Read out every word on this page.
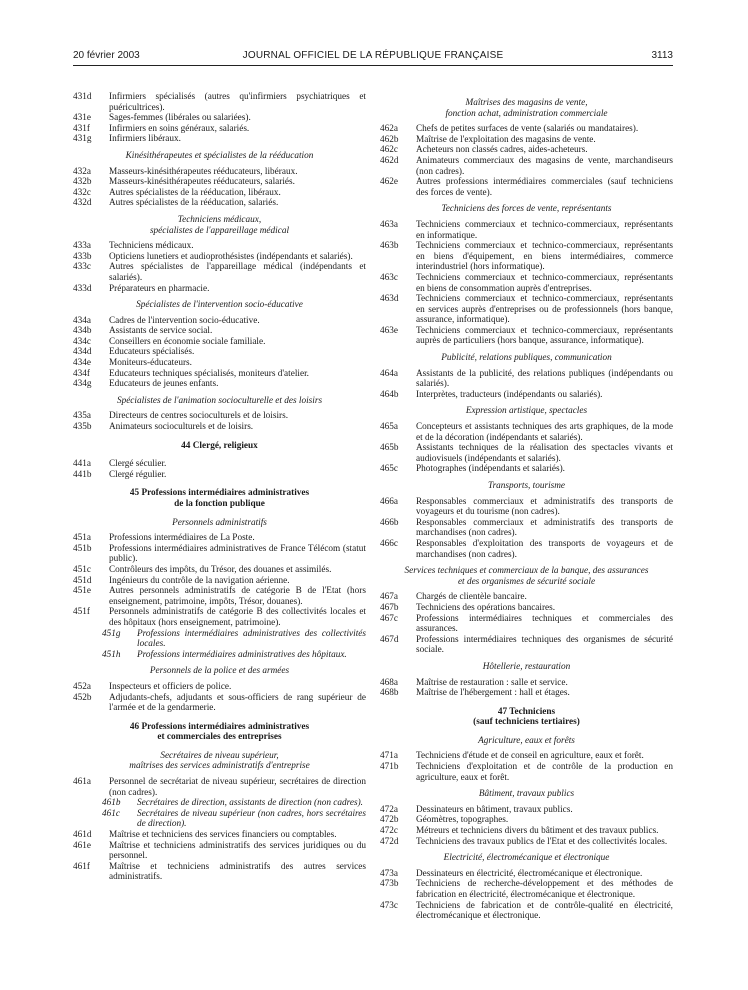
20 février 2003	JOURNAL OFFICIEL DE LA RÉPUBLIQUE FRANÇAISE	3113
431d Infirmiers spécialisés (autres qu'infirmiers psychiatriques et puéricultrices).
431e Sages-femmes (libérales ou salariées).
431f Infirmiers en soins généraux, salariés.
431g Infirmiers libéraux.
Kinésithérapeutes et spécialistes de la rééducation
432a Masseurs-kinésithérapeutes rééducateurs, libéraux.
432b Masseurs-kinésithérapeutes rééducateurs, salariés.
432c Autres spécialistes de la rééducation, libéraux.
432d Autres spécialistes de la rééducation, salariés.
Techniciens médicaux,
spécialistes de l'appareillage médical
433a Techniciens médicaux.
433b Opticiens lunetiers et audioprothésistes (indépendants et salariés).
433c Autres spécialistes de l'appareillage médical (indépendants et salariés).
433d Préparateurs en pharmacie.
Spécialistes de l'intervention socio-éducative
434a Cadres de l'intervention socio-éducative.
434b Assistants de service social.
434c Conseillers en économie sociale familiale.
434d Educateurs spécialisés.
434e Moniteurs-éducateurs.
434f Educateurs techniques spécialisés, moniteurs d'atelier.
434g Educateurs de jeunes enfants.
Spécialistes de l'animation socioculturelle et des loisirs
435a Directeurs de centres socioculturels et de loisirs.
435b Animateurs socioculturels et de loisirs.
44 Clergé, religieux
441a Clergé séculier.
441b Clergé régulier.
45 Professions intermédiaires administratives
de la fonction publique
Personnels administratifs
451a Professions intermédiaires de La Poste.
451b Professions intermédiaires administratives de France Télécom (statut public).
451c Contrôleurs des impôts, du Trésor, des douanes et assimilés.
451d Ingénieurs du contrôle de la navigation aérienne.
451e Autres personnels administratifs de catégorie B de l'Etat (hors enseignement, patrimoine, impôts, Trésor, douanes).
451f Personnels administratifs de catégorie B des collectivités locales et des hôpitaux (hors enseignement, patrimoine).
451g Professions intermédiaires administratives des collectivités locales.
451h Professions intermédiaires administratives des hôpitaux.
Personnels de la police et des armées
452a Inspecteurs et officiers de police.
452b Adjudants-chefs, adjudants et sous-officiers de rang supérieur de l'armée et de la gendarmerie.
46 Professions intermédiaires administratives
et commerciales des entreprises
Secrétaires de niveau supérieur,
maîtrises des services administratifs d'entreprise
461a Personnel de secrétariat de niveau supérieur, secrétaires de direction (non cadres).
461b Secrétaires de direction, assistants de direction (non cadres).
461c Secrétaires de niveau supérieur (non cadres, hors secrétaires de direction).
461d Maîtrise et techniciens des services financiers ou comptables.
461e Maîtrise et techniciens administratifs des services juridiques ou du personnel.
461f Maîtrise et techniciens administratifs des autres services administratifs.
Maîtrises des magasins de vente,
fonction achat, administration commerciale
462a Chefs de petites surfaces de vente (salariés ou mandataires).
462b Maîtrise de l'exploitation des magasins de vente.
462c Acheteurs non classés cadres, aides-acheteurs.
462d Animateurs commerciaux des magasins de vente, marchandiseurs (non cadres).
462e Autres professions intermédiaires commerciales (sauf techniciens des forces de vente).
Techniciens des forces de vente, représentants
463a Techniciens commerciaux et technico-commerciaux, représentants en informatique.
463b Techniciens commerciaux et technico-commerciaux, représentants en biens d'équipement, en biens intermédiaires, commerce interindustriel (hors informatique).
463c Techniciens commerciaux et technico-commerciaux, représentants en biens de consommation auprès d'entreprises.
463d Techniciens commerciaux et technico-commerciaux, représentants en services auprès d'entreprises ou de professionnels (hors banque, assurance, informatique).
463e Techniciens commerciaux et technico-commerciaux, représentants auprès de particuliers (hors banque, assurance, informatique).
Publicité, relations publiques, communication
464a Assistants de la publicité, des relations publiques (indépendants ou salariés).
464b Interprètes, traducteurs (indépendants ou salariés).
Expression artistique, spectacles
465a Concepteurs et assistants techniques des arts graphiques, de la mode et de la décoration (indépendants et salariés).
465b Assistants techniques de la réalisation des spectacles vivants et audiovisuels (indépendants et salariés).
465c Photographes (indépendants et salariés).
Transports, tourisme
466a Responsables commerciaux et administratifs des transports de voyageurs et du tourisme (non cadres).
466b Responsables commerciaux et administratifs des transports de marchandises (non cadres).
466c Responsables d'exploitation des transports de voyageurs et de marchandises (non cadres).
Services techniques et commerciaux de la banque, des assurances
et des organismes de sécurité sociale
467a Chargés de clientèle bancaire.
467b Techniciens des opérations bancaires.
467c Professions intermédiaires techniques et commerciales des assurances.
467d Professions intermédiaires techniques des organismes de sécurité sociale.
Hôtellerie, restauration
468a Maîtrise de restauration : salle et service.
468b Maîtrise de l'hébergement : hall et étages.
47 Techniciens
(sauf techniciens tertiaires)
Agriculture, eaux et forêts
471a Techniciens d'étude et de conseil en agriculture, eaux et forêt.
471b Techniciens d'exploitation et de contrôle de la production en agriculture, eaux et forêt.
Bâtiment, travaux publics
472a Dessinateurs en bâtiment, travaux publics.
472b Géomètres, topographes.
472c Métreurs et techniciens divers du bâtiment et des travaux publics.
472d Techniciens des travaux publics de l'Etat et des collectivités locales.
Electricité, électromécanique et électronique
473a Dessinateurs en électricité, électromécanique et électronique.
473b Techniciens de recherche-développement et des méthodes de fabrication en électricité, électromécanique et électronique.
473c Techniciens de fabrication et de contrôle-qualité en électricité, électromécanique et électronique.
